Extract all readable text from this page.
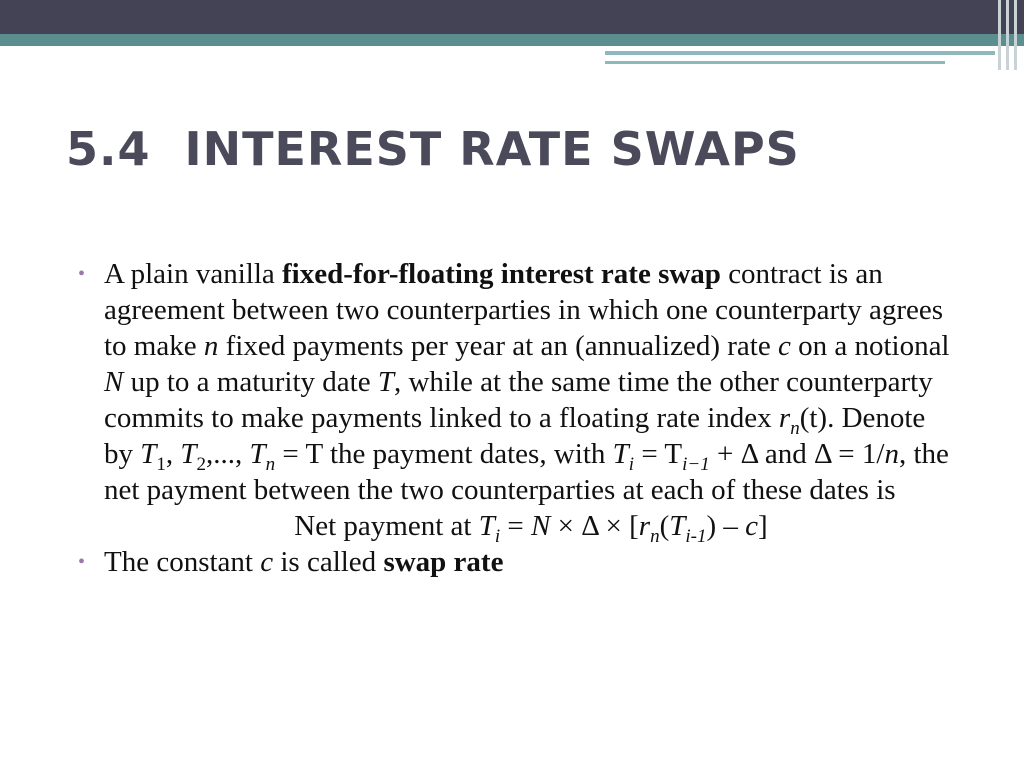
5.4  INTEREST RATE SWAPS
• A plain vanilla fixed-for-floating interest rate swap contract is an agreement between two counterparties in which one counterparty agrees to make n fixed payments per year at an (annualized) rate c on a notional N up to a maturity date T, while at the same time the other counterparty commits to make payments linked to a floating rate index $r_n(t)$. Denote by $T_1$, $T_2$,..., $T_n = T$ the payment dates, with $T_i = T_{i-1} + \Delta$ and Δ = 1/n, the net payment between the two counterparties at each of these dates is
Net payment at $T_i = N \times \Delta \times [r_n(T_{i-1}) - c]$
• The constant c is called swap rate
